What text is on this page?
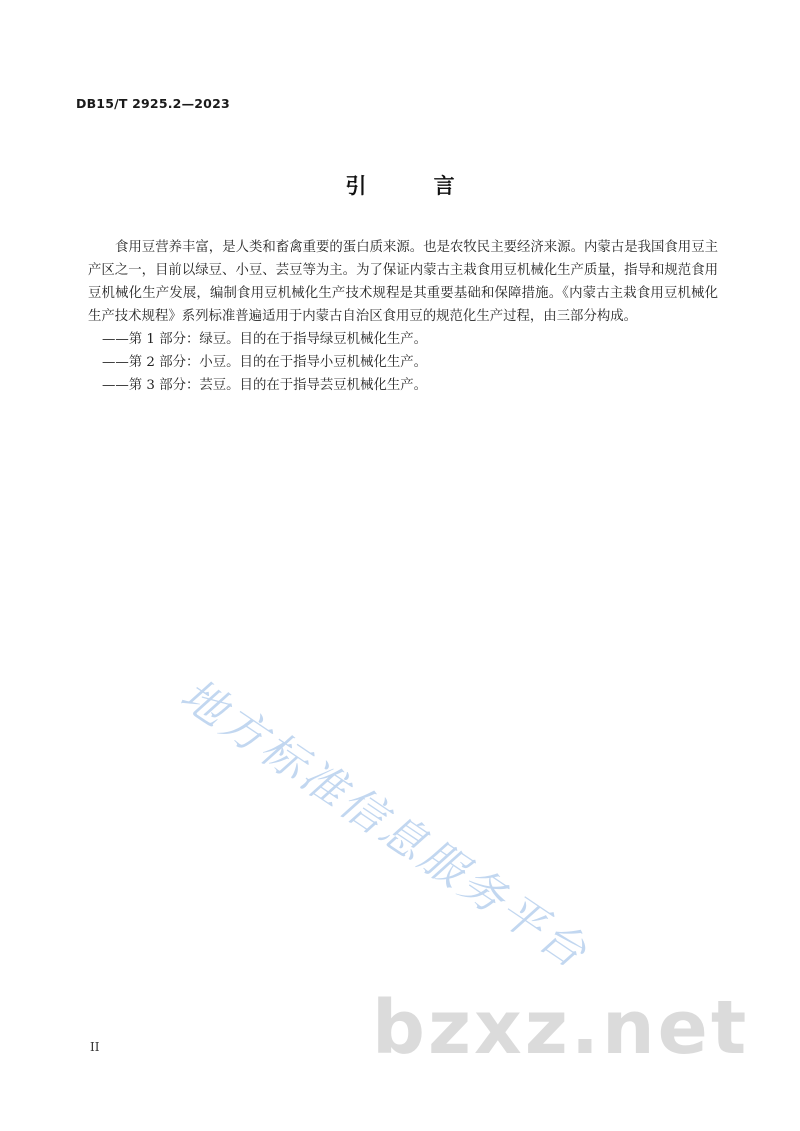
DB15/T 2925.2—2023
引 言

食用豆营养丰富，是人类和畜禽重要的蛋白质来源。也是农牧民主要经济来源。内蒙古是我国食用豆主产区之一，目前以绿豆、小豆、芸豆等为主。为了保证内蒙古主栽食用豆机械化生产质量，指导和规范食用豆机械化生产发展，编制食用豆机械化生产技术规程是其重要基础和保障措施。《内蒙古主栽食用豆机械化生产技术规程》系列标准普遍适用于内蒙古自治区食用豆的规范化生产过程，由三部分构成。

——第 1 部分：绿豆。目的在于指导绿豆机械化生产。

——第 2 部分：小豆。目的在于指导小豆机械化生产。

——第 3 部分：芸豆。目的在于指导芸豆机械化生产。

地方标准信息服务平台
bzxz.net
II
